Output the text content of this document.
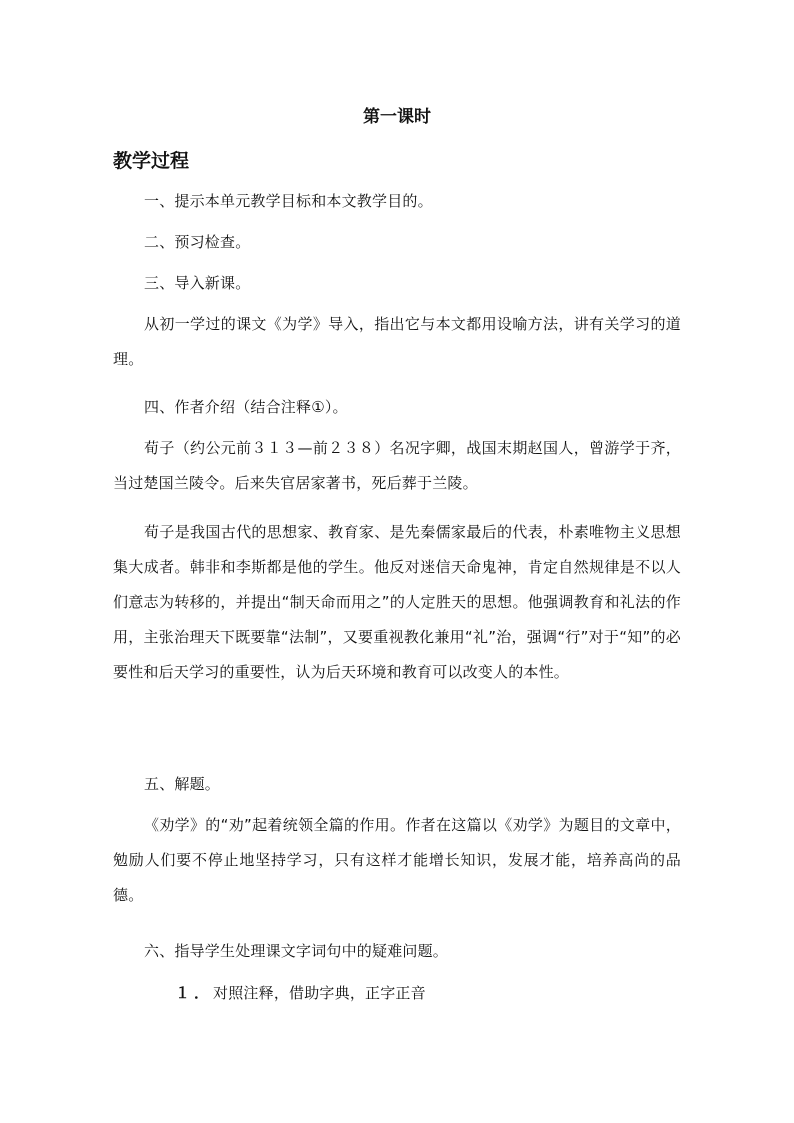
第一课时
教学过程

一、提示本单元教学目标和本文教学目的。

二、预习检查。

三、导入新课。

从初一学过的课文《为学》导入，指出它与本文都用设喻方法，讲有关学习的道理。

四、作者介绍（结合注释①）。

荀子（约公元前３１３—前２３８）名况字卿，战国末期赵国人，曾游学于齐，当过楚国兰陵令。后来失官居家著书，死后葬于兰陵。

荀子是我国古代的思想家、教育家、是先秦儒家最后的代表，朴素唯物主义思想集大成者。韩非和李斯都是他的学生。他反对迷信天命鬼神，肯定自然规律是不以人们意志为转移的，并提出“制天命而用之”的人定胜天的思想。他强调教育和礼法的作用，主张治理天下既要靠“法制”，又要重视教化兼用“礼”治，强调“行”对于“知”的必要性和后天学习的重要性，认为后天环境和教育可以改变人的本性。

五、解题。

《劝学》的“劝”起着统领全篇的作用。作者在这篇以《劝学》为题目的文章中，勉励人们要不停止地坚持学习，只有这样才能增长知识，发展才能，培养高尚的品德。

六、指导学生处理课文字词句中的疑难问题。

１．对照注释，借助字典，正字正音
